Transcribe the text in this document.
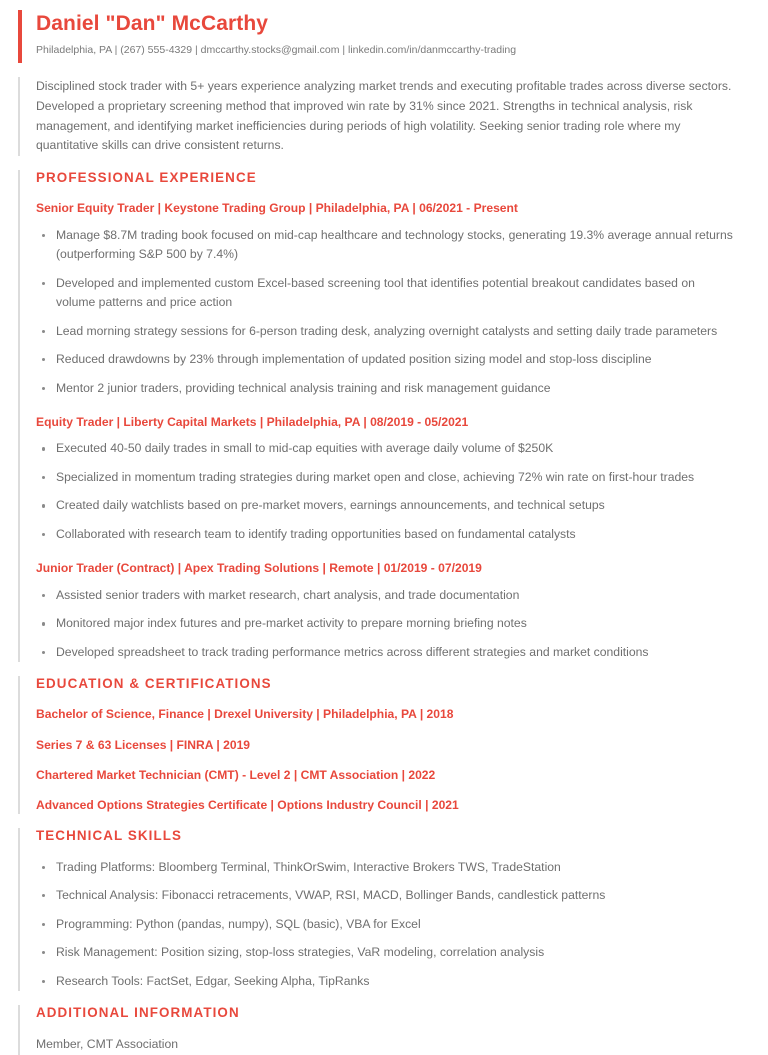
Daniel "Dan" McCarthy
Philadelphia, PA | (267) 555-4329 | dmccarthy.stocks@gmail.com | linkedin.com/in/danmccarthy-trading

Disciplined stock trader with 5+ years experience analyzing market trends and executing profitable trades across diverse sectors. Developed a proprietary screening method that improved win rate by 31% since 2021. Strengths in technical analysis, risk management, and identifying market inefficiencies during periods of high volatility. Seeking senior trading role where my quantitative skills can drive consistent returns.

PROFESSIONAL EXPERIENCE
Senior Equity Trader | Keystone Trading Group | Philadelphia, PA | 06/2021 - Present
Manage $8.7M trading book focused on mid-cap healthcare and technology stocks, generating 19.3% average annual returns (outperforming S&P 500 by 7.4%)
Developed and implemented custom Excel-based screening tool that identifies potential breakout candidates based on volume patterns and price action
Lead morning strategy sessions for 6-person trading desk, analyzing overnight catalysts and setting daily trade parameters
Reduced drawdowns by 23% through implementation of updated position sizing model and stop-loss discipline
Mentor 2 junior traders, providing technical analysis training and risk management guidance
Equity Trader | Liberty Capital Markets | Philadelphia, PA | 08/2019 - 05/2021
Executed 40-50 daily trades in small to mid-cap equities with average daily volume of $250K
Specialized in momentum trading strategies during market open and close, achieving 72% win rate on first-hour trades
Created daily watchlists based on pre-market movers, earnings announcements, and technical setups
Collaborated with research team to identify trading opportunities based on fundamental catalysts
Junior Trader (Contract) | Apex Trading Solutions | Remote | 01/2019 - 07/2019
Assisted senior traders with market research, chart analysis, and trade documentation
Monitored major index futures and pre-market activity to prepare morning briefing notes
Developed spreadsheet to track trading performance metrics across different strategies and market conditions
EDUCATION & CERTIFICATIONS
Bachelor of Science, Finance | Drexel University | Philadelphia, PA | 2018
Series 7 & 63 Licenses | FINRA | 2019
Chartered Market Technician (CMT) - Level 2 | CMT Association | 2022
Advanced Options Strategies Certificate | Options Industry Council | 2021
TECHNICAL SKILLS
Trading Platforms: Bloomberg Terminal, ThinkOrSwim, Interactive Brokers TWS, TradeStation
Technical Analysis: Fibonacci retracements, VWAP, RSI, MACD, Bollinger Bands, candlestick patterns
Programming: Python (pandas, numpy), SQL (basic), VBA for Excel
Risk Management: Position sizing, stop-loss strategies, VaR modeling, correlation analysis
Research Tools: FactSet, Edgar, Seeking Alpha, TipRanks
ADDITIONAL INFORMATION

Member, CMT Association
